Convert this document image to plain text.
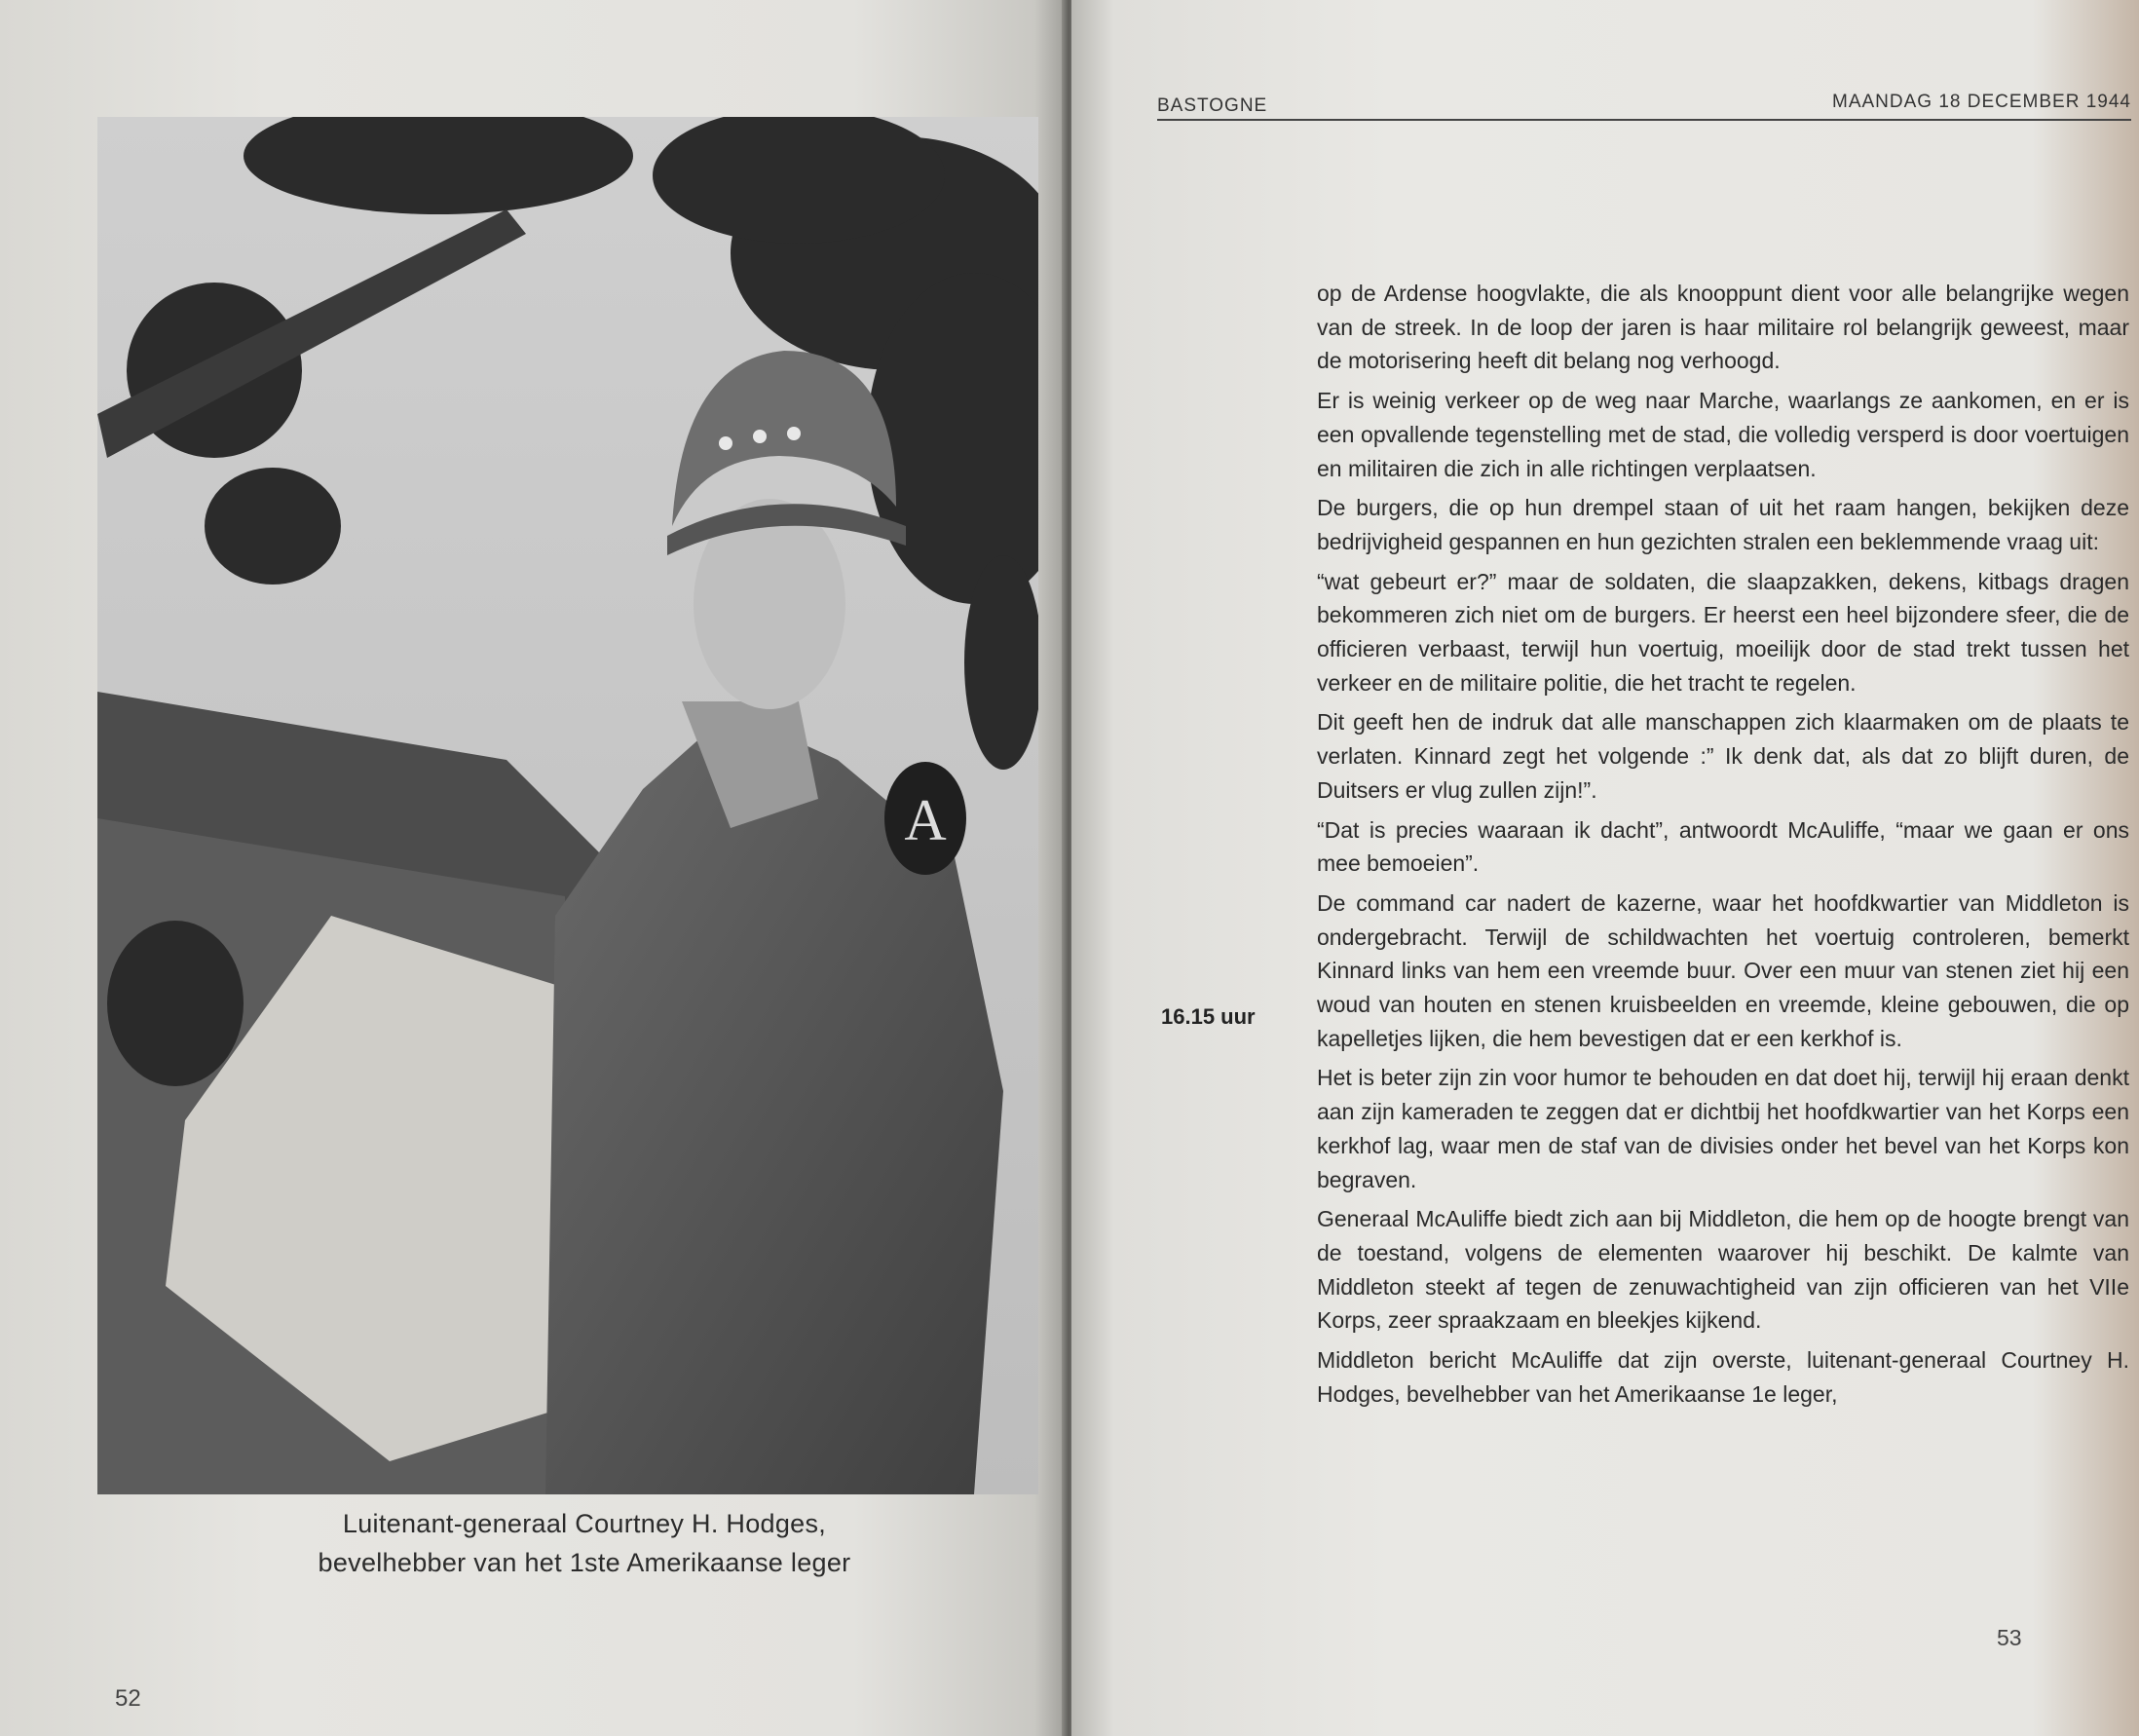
A
Luitenant-generaal Courtney H. Hodges,
bevelhebber van het 1ste Amerikaanse leger
52
BASTOGNE	MAANDAG 18 DECEMBER 1944
16.15 uur

op de Ardense hoogvlakte, die als knooppunt dient voor alle belangrijke wegen van de streek. In de loop der jaren is haar militaire rol belangrijk geweest, maar de motorisering heeft dit belang nog verhoogd.

Er is weinig verkeer op de weg naar Marche, waarlangs ze aankomen, en er is een opvallende tegenstelling met de stad, die volledig versperd is door voertuigen en militairen die zich in alle richtingen verplaatsen.

De burgers, die op hun drempel staan of uit het raam hangen, bekijken deze bedrijvigheid gespannen en hun gezichten stralen een beklemmende vraag uit:

“wat gebeurt er?” maar de soldaten, die slaapzakken, dekens, kitbags dragen bekommeren zich niet om de burgers. Er heerst een heel bijzondere sfeer, die de officieren verbaast, terwijl hun voertuig, moeilijk door de stad trekt tussen het verkeer en de militaire politie, die het tracht te regelen.

Dit geeft hen de indruk dat alle manschappen zich klaarmaken om de plaats te verlaten. Kinnard zegt het volgende :” Ik denk dat, als dat zo blijft duren, de Duitsers er vlug zullen zijn!”.

“Dat is precies waaraan ik dacht”, antwoordt McAuliffe, “maar we gaan er ons mee bemoeien”.

De command car nadert de kazerne, waar het hoofdkwartier van Middleton is ondergebracht. Terwijl de schildwachten het voertuig controleren, bemerkt Kinnard links van hem een vreemde buur. Over een muur van stenen ziet hij een woud van houten en stenen kruisbeelden en vreemde, kleine gebouwen, die op kapelletjes lijken, die hem bevestigen dat er een kerkhof is.

Het is beter zijn zin voor humor te behouden en dat doet hij, terwijl hij eraan denkt aan zijn kameraden te zeggen dat er dichtbij het hoofdkwartier van het Korps een kerkhof lag, waar men de staf van de divisies onder het bevel van het Korps kon begraven.

Generaal McAuliffe biedt zich aan bij Middleton, die hem op de hoogte brengt van de toestand, volgens de elementen waarover hij beschikt. De kalmte van Middleton steekt af tegen de zenuwachtigheid van zijn officieren van het VIIe Korps, zeer spraakzaam en bleekjes kijkend.

Middleton bericht McAuliffe dat zijn overste, luitenant-generaal Courtney H. Hodges, bevelhebber van het Amerikaanse 1e leger,

53
